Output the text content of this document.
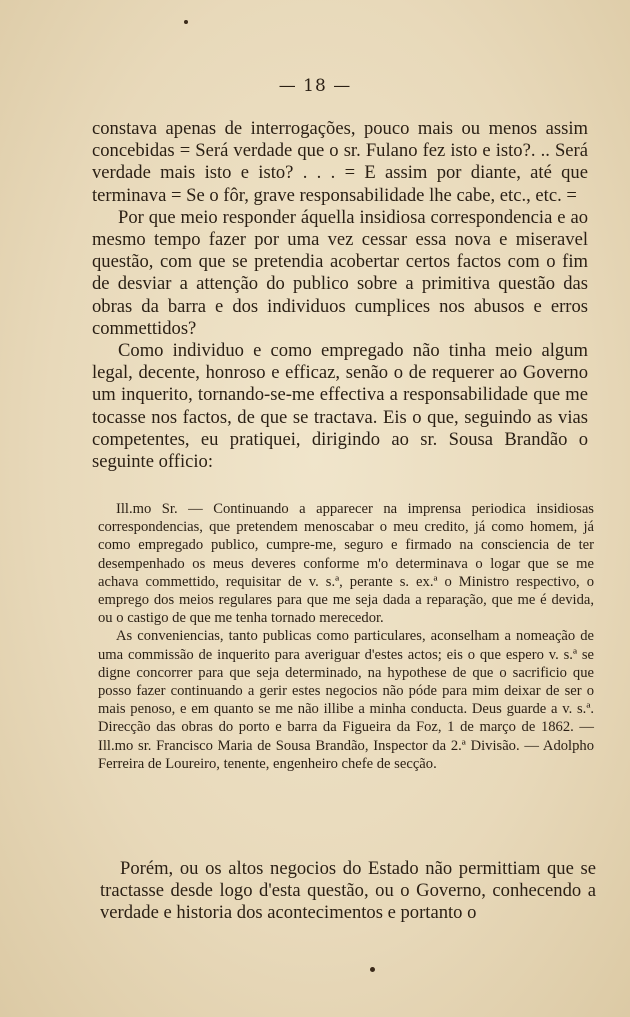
— 18 —

constava apenas de interrogações, pouco mais ou menos assim concebidas = Será verdade que o sr. Fulano fez isto e isto?. .. Será verdade mais isto e isto? . . . = E assim por diante, até que terminava = Se o fôr, grave responsabilidade lhe cabe, etc., etc. =

Por que meio responder áquella insidiosa correspondencia e ao mesmo tempo fazer por uma vez cessar essa nova e miseravel questão, com que se pretendia acobertar certos factos com o fim de desviar a attenção do publico sobre a primitiva questão das obras da barra e dos individuos cumplices nos abusos e erros commettidos?

Como individuo e como empregado não tinha meio algum legal, decente, honroso e efficaz, senão o de requerer ao Governo um inquerito, tornando-se-me effectiva a responsabilidade que me tocasse nos factos, de que se tractava. Eis o que, seguindo as vias competentes, eu pratiquei, dirigindo ao sr. Sousa Brandão o seguinte officio:

Ill.mo Sr. — Continuando a apparecer na imprensa periodica insidiosas correspondencias, que pretendem menoscabar o meu credito, já como homem, já como empregado publico, cumpre-me, seguro e firmado na consciencia de ter desempenhado os meus deveres conforme m'o determinava o logar que se me achava commettido, requisitar de v. s.ª, perante s. ex.ª o Ministro respectivo, o emprego dos meios regulares para que me seja dada a reparação, que me é devida, ou o castigo de que me tenha tornado merecedor.

As conveniencias, tanto publicas como particulares, aconselham a nomeação de uma commissão de inquerito para averiguar d'estes actos; eis o que espero v. s.ª se digne concorrer para que seja determinado, na hypothese de que o sacrificio que posso fazer continuando a gerir estes negocios não póde para mim deixar de ser o mais penoso, e em quanto se me não illibe a minha conducta. Deus guarde a v. s.ª. Direcção das obras do porto e barra da Figueira da Foz, 1 de março de 1862. — Ill.mo sr. Francisco Maria de Sousa Brandão, Inspector da 2.ª Divisão. — Adolpho Ferreira de Loureiro, tenente, engenheiro chefe de secção.

Porém, ou os altos negocios do Estado não permittiam que se tractasse desde logo d'esta questão, ou o Governo, conhecendo a verdade e historia dos acontecimentos e portanto o
